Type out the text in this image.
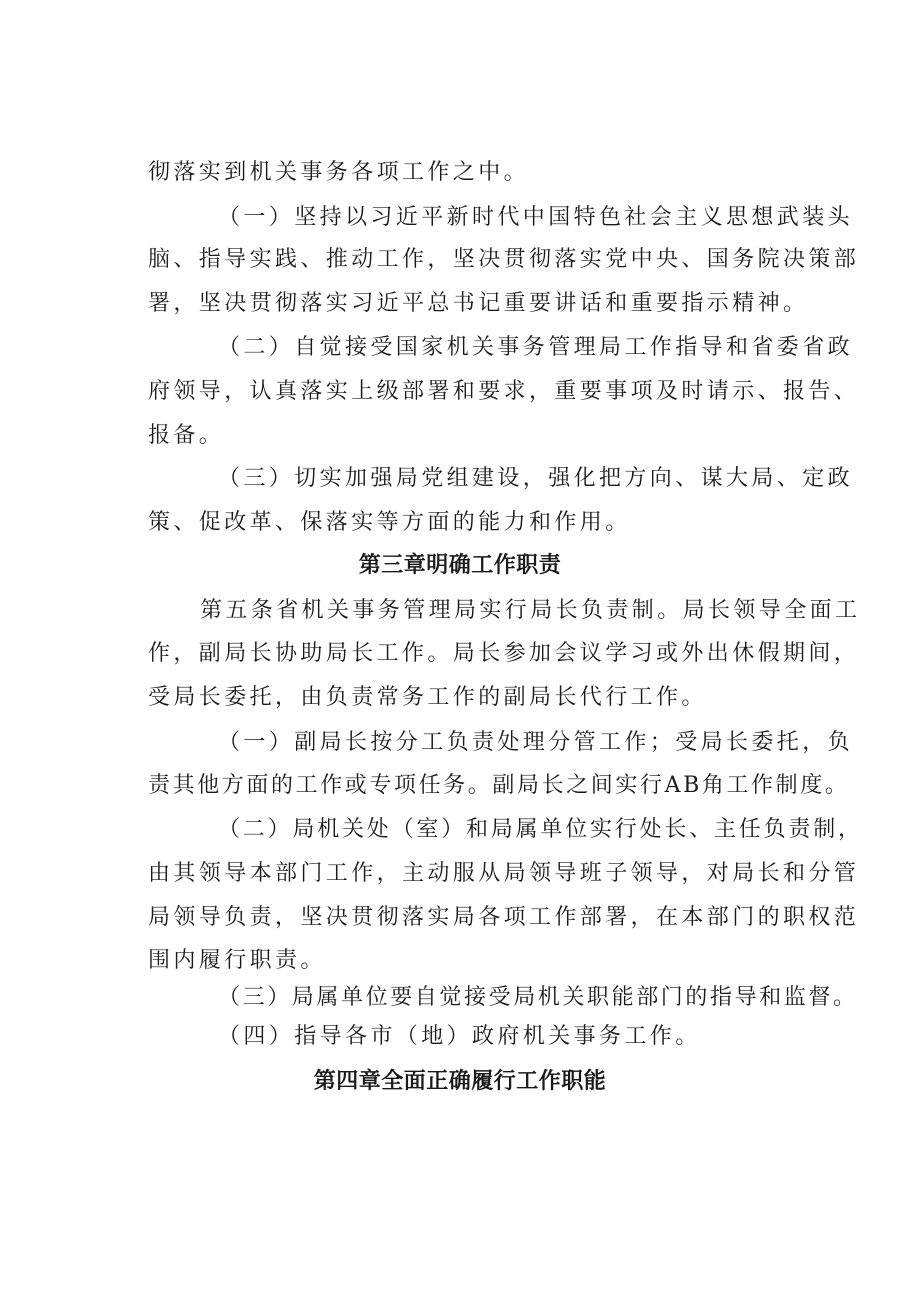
彻落实到机关事务各项工作之中。
（一）坚持以习近平新时代中国特色社会主义思想武装头
脑、指导实践、推动工作，坚决贯彻落实党中央、国务院决策部
署，坚决贯彻落实习近平总书记重要讲话和重要指示精神。
（二）自觉接受国家机关事务管理局工作指导和省委省政
府领导，认真落实上级部署和要求，重要事项及时请示、报告、
报备。
（三）切实加强局党组建设，强化把方向、谋大局、定政
策、促改革、保落实等方面的能力和作用。
第三章明确工作职责
第五条省机关事务管理局实行局长负责制。局长领导全面工
作，副局长协助局长工作。局长参加会议学习或外出休假期间，
受局长委托，由负责常务工作的副局长代行工作。
（一）副局长按分工负责处理分管工作；受局长委托，负
责其他方面的工作或专项任务。副局长之间实行AB角工作制度。
（二）局机关处（室）和局属单位实行处长、主任负责制，
由其领导本部门工作，主动服从局领导班子领导，对局长和分管
局领导负责，坚决贯彻落实局各项工作部署，在本部门的职权范
围内履行职责。
（三）局属单位要自觉接受局机关职能部门的指导和监督。
（四）指导各市（地）政府机关事务工作。
第四章全面正确履行工作职能
